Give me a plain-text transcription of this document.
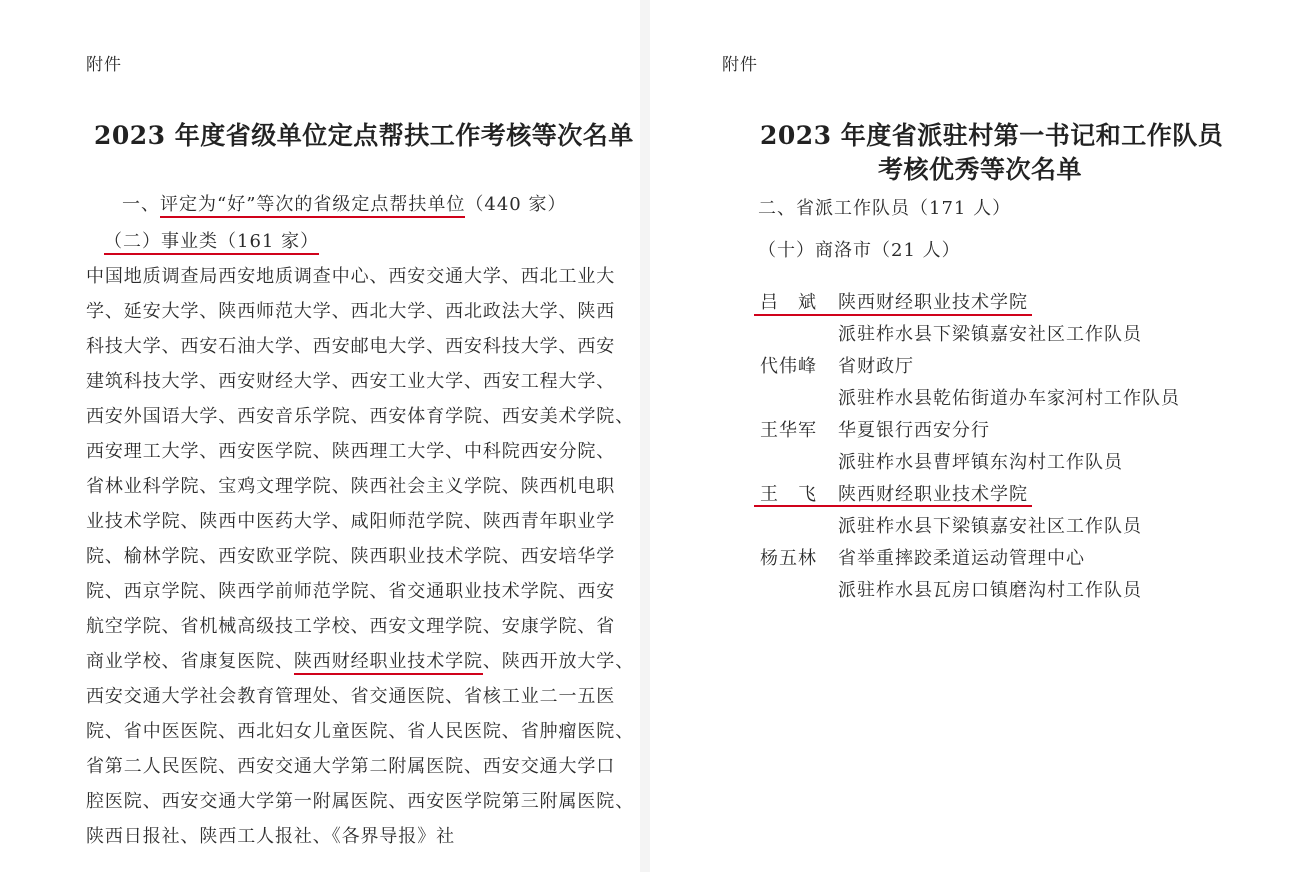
附件
2023 年度省级单位定点帮扶工作考核等次名单
一、评定为“好”等次的省级定点帮扶单位（440 家）
（二）事业类（161 家）
中国地质调查局西安地质调查中心、西安交通大学、西北工业大
学、延安大学、陕西师范大学、西北大学、西北政法大学、陕西
科技大学、西安石油大学、西安邮电大学、西安科技大学、西安
建筑科技大学、西安财经大学、西安工业大学、西安工程大学、
西安外国语大学、西安音乐学院、西安体育学院、西安美术学院、
西安理工大学、西安医学院、陕西理工大学、中科院西安分院、
省林业科学院、宝鸡文理学院、陕西社会主义学院、陕西机电职
业技术学院、陕西中医药大学、咸阳师范学院、陕西青年职业学
院、榆林学院、西安欧亚学院、陕西职业技术学院、西安培华学
院、西京学院、陕西学前师范学院、省交通职业技术学院、西安
航空学院、省机械高级技工学校、西安文理学院、安康学院、省
商业学校、省康复医院、陕西财经职业技术学院、陕西开放大学、
西安交通大学社会教育管理处、省交通医院、省核工业二一五医
院、省中医医院、西北妇女儿童医院、省人民医院、省肿瘤医院、
省第二人民医院、西安交通大学第二附属医院、西安交通大学口
腔医院、西安交通大学第一附属医院、西安医学院第三附属医院、
陕西日报社、陕西工人报社、《各界导报》社
附件
2023 年度省派驻村第一书记和工作队员
考核优秀等次名单
二、省派工作队员（171 人）
（十）商洛市（21 人）
吕　斌 陕西财经职业技术学院
派驻柞水县下梁镇嘉安社区工作队员
代伟峰 省财政厅
派驻柞水县乾佑街道办车家河村工作队员
王华军 华夏银行西安分行
派驻柞水县曹坪镇东沟村工作队员
王　飞 陕西财经职业技术学院
派驻柞水县下梁镇嘉安社区工作队员
杨五林 省举重摔跤柔道运动管理中心
派驻柞水县瓦房口镇磨沟村工作队员
